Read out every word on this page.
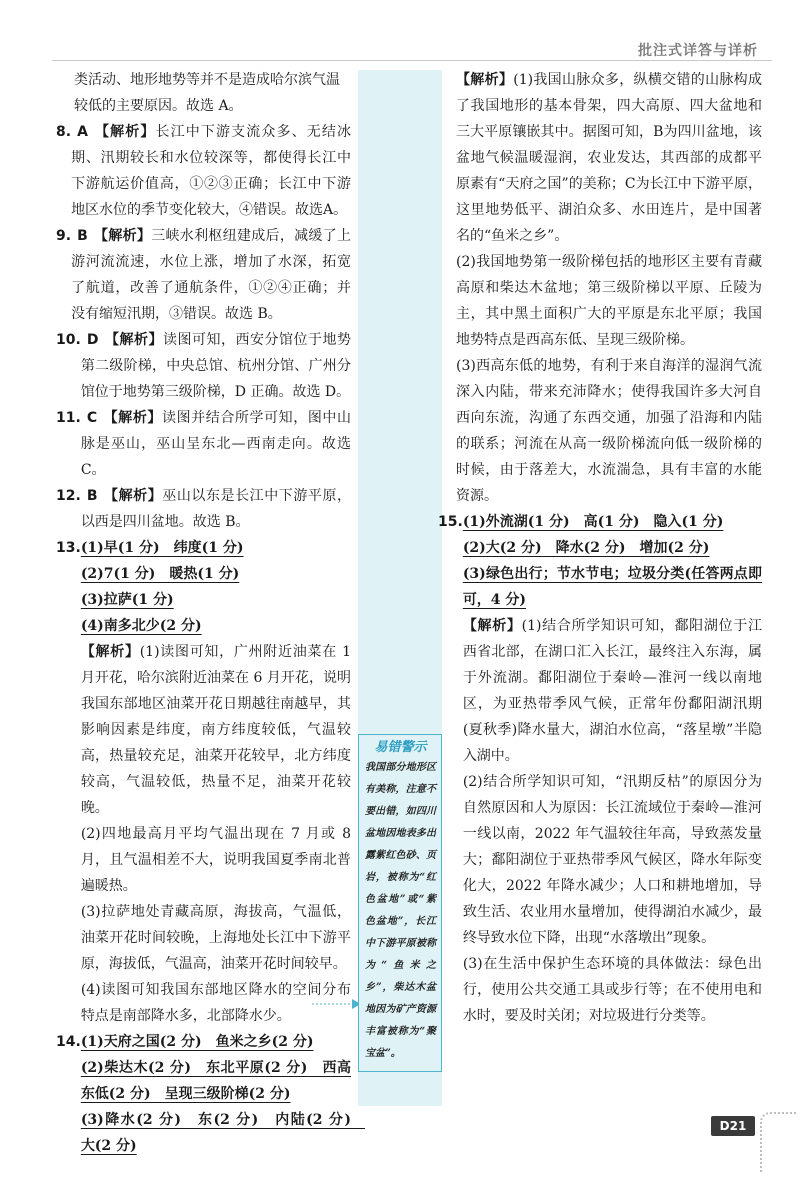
批注式详答与详析

类活动、地形地势等并不是造成哈尔滨气温

较低的主要原因。故选 A。

8. A 【解析】长江中下游支流众多、无结冰期、汛期较长和水位较深等，都使得长江中下游航运价值高，①②③正确；长江中下游地区水位的季节变化较大，④错误。故选A。
9. B 【解析】三峡水利枢纽建成后，减缓了上游河流流速，水位上涨，增加了水深，拓宽了航道，改善了通航条件，①②④正确；并没有缩短汛期，③错误。故选 B。
10. D 【解析】读图可知，西安分馆位于地势第二级阶梯，中央总馆、杭州分馆、广州分馆位于地势第三级阶梯，D 正确。故选 D。
11. C 【解析】读图并结合所学可知，图中山脉是巫山，巫山呈东北—西南走向。故选 C。
12. B 【解析】巫山以东是长江中下游平原，以西是四川盆地。故选 B。
13. (1)早(1 分)　纬度(1 分)

(2)7(1 分)　暖热(1 分)

(3)拉萨(1 分)

(4)南多北少(2 分)

【解析】(1)读图可知，广州附近油菜在 1 月开花，哈尔滨附近油菜在 6 月开花，说明我国东部地区油菜开花日期越往南越早，其影响因素是纬度，南方纬度较低，气温较高，热量较充足，油菜开花较早，北方纬度较高，气温较低，热量不足，油菜开花较晚。

(2)四地最高月平均气温出现在 7 月或 8 月，且气温相差不大，说明我国夏季南北普遍暖热。

(3)拉萨地处青藏高原，海拔高，气温低，油菜开花时间较晚，上海地处长江中下游平原，海拔低，气温高，油菜开花时间较早。

(4)读图可知我国东部地区降水的空间分布特点是南部降水多，北部降水少。

14. (1)天府之国(2 分)　鱼米之乡(2 分)

(2)柴达木(2 分)　东北平原(2 分)　西高东低(2 分)　呈现三级阶梯(2 分)

(3)降水(2 分)　东(2 分)　内陆(2 分)　大(2 分)

易错警示
我国部分地形区有美称，注意不要出错，如四川盆地因地表多出露紫红色砂、页岩，被称为“红色盆地”或“紫色盆地”，长江中下游平原被称为“鱼米之乡”，柴达木盆地因为矿产资源丰富被称为“聚宝盆”。

【解析】(1)我国山脉众多，纵横交错的山脉构成了我国地形的基本骨架，四大高原、四大盆地和三大平原镶嵌其中。据图可知，B为四川盆地，该盆地气候温暖湿润，农业发达，其西部的成都平原素有“天府之国”的美称；C为长江中下游平原，这里地势低平、湖泊众多、水田连片，是中国著名的“鱼米之乡”。

(2)我国地势第一级阶梯包括的地形区主要有青藏高原和柴达木盆地；第三级阶梯以平原、丘陵为主，其中黑土面积广大的平原是东北平原；我国地势特点是西高东低、呈现三级阶梯。

(3)西高东低的地势，有利于来自海洋的湿润气流深入内陆，带来充沛降水；使得我国许多大河自西向东流，沟通了东西交通，加强了沿海和内陆的联系；河流在从高一级阶梯流向低一级阶梯的时候，由于落差大，水流湍急，具有丰富的水能资源。

15. (1)外流湖(1 分)　高(1 分)　隐入(1 分)

(2)大(2 分)　降水(2 分)　增加(2 分)

(3)绿色出行；节水节电；垃圾分类(任答两点即可，4 分)

【解析】(1)结合所学知识可知，鄱阳湖位于江西省北部，在湖口汇入长江，最终注入东海，属于外流湖。鄱阳湖位于秦岭—淮河一线以南地区，为亚热带季风气候，正常年份鄱阳湖汛期(夏秋季)降水量大，湖泊水位高，“落星墩”半隐入湖中。

(2)结合所学知识可知，“汛期反枯”的原因分为自然原因和人为原因：长江流域位于秦岭—淮河一线以南，2022 年气温较往年高，导致蒸发量大；鄱阳湖位于亚热带季风气候区，降水年际变化大，2022 年降水减少；人口和耕地增加，导致生活、农业用水量增加，使得湖泊水减少，最终导致水位下降，出现“水落墩出”现象。

(3)在生活中保护生态环境的具体做法：绿色出行，使用公共交通工具或步行等；在不使用电和水时，要及时关闭；对垃圾进行分类等。

D21
